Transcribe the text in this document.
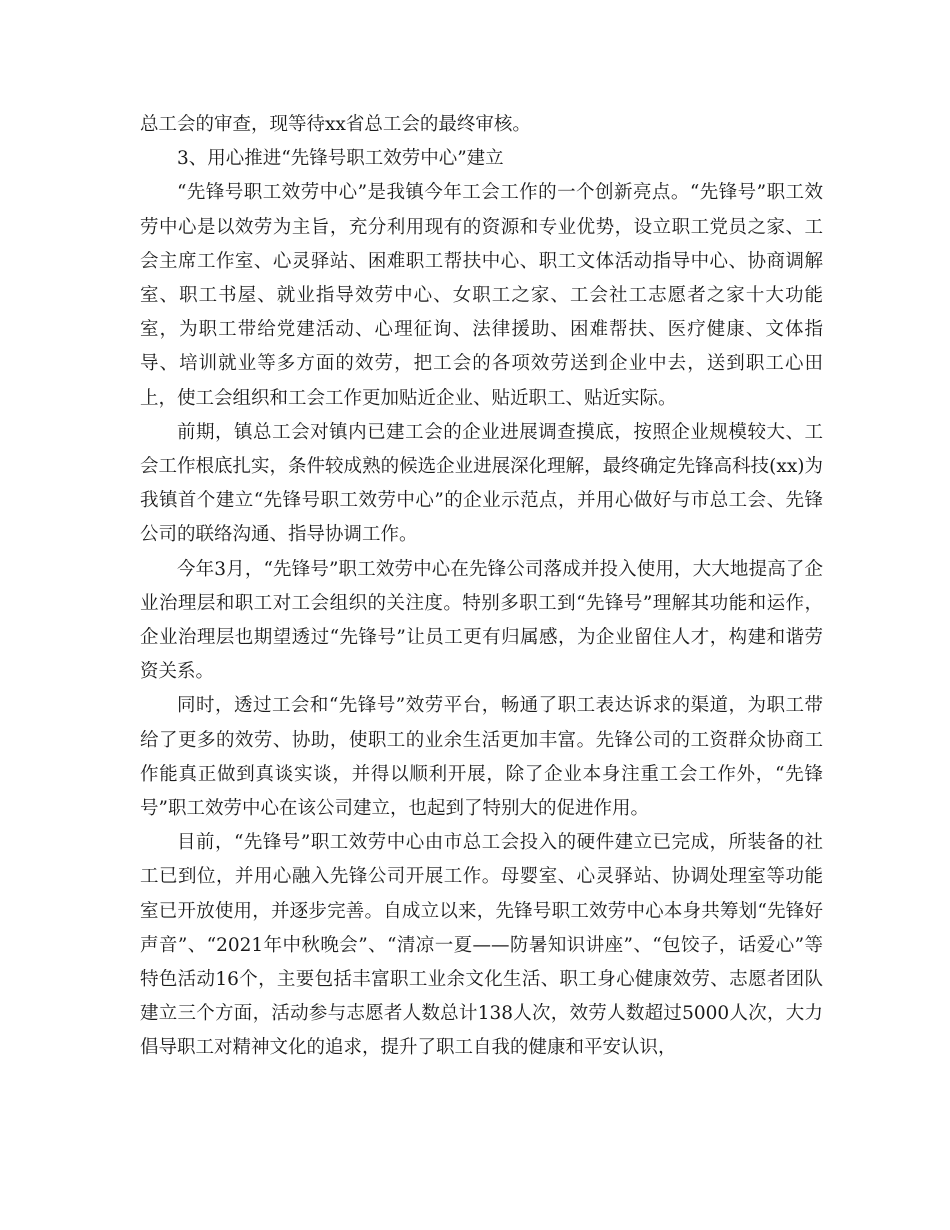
总工会的审查，现等待xx省总工会的最终审核。

3、用心推进“先锋号职工效劳中心”建立

“先锋号职工效劳中心”是我镇今年工会工作的一个创新亮点。“先锋号”职工效劳中心是以效劳为主旨，充分利用现有的资源和专业优势，设立职工党员之家、工会主席工作室、心灵驿站、困难职工帮扶中心、职工文体活动指导中心、协商调解室、职工书屋、就业指导效劳中心、女职工之家、工会社工志愿者之家十大功能室，为职工带给党建活动、心理征询、法律援助、困难帮扶、医疗健康、文体指导、培训就业等多方面的效劳，把工会的各项效劳送到企业中去，送到职工心田上，使工会组织和工会工作更加贴近企业、贴近职工、贴近实际。

前期，镇总工会对镇内已建工会的企业进展调查摸底，按照企业规模较大、工会工作根底扎实，条件较成熟的候选企业进展深化理解，最终确定先锋高科技(xx)为我镇首个建立“先锋号职工效劳中心”的企业示范点，并用心做好与市总工会、先锋公司的联络沟通、指导协调工作。

今年3月，“先锋号”职工效劳中心在先锋公司落成并投入使用，大大地提高了企业治理层和职工对工会组织的关注度。特别多职工到“先锋号”理解其功能和运作，企业治理层也期望透过“先锋号”让员工更有归属感，为企业留住人才，构建和谐劳资关系。

同时，透过工会和“先锋号”效劳平台，畅通了职工表达诉求的渠道，为职工带给了更多的效劳、协助，使职工的业余生活更加丰富。先锋公司的工资群众协商工作能真正做到真谈实谈，并得以顺利开展，除了企业本身注重工会工作外，“先锋号”职工效劳中心在该公司建立，也起到了特别大的促进作用。

目前，“先锋号”职工效劳中心由市总工会投入的硬件建立已完成，所装备的社工已到位，并用心融入先锋公司开展工作。母婴室、心灵驿站、协调处理室等功能室已开放使用，并逐步完善。自成立以来，先锋号职工效劳中心本身共筹划“先锋好声音”、“2021年中秋晚会”、“清凉一夏——防暑知识讲座”、“包饺子，话爱心”等特色活动16个，主要包括丰富职工业余文化生活、职工身心健康效劳、志愿者团队建立三个方面，活动参与志愿者人数总计138人次，效劳人数超过5000人次，大力倡导职工对精神文化的追求，提升了职工自我的健康和平安认识，
